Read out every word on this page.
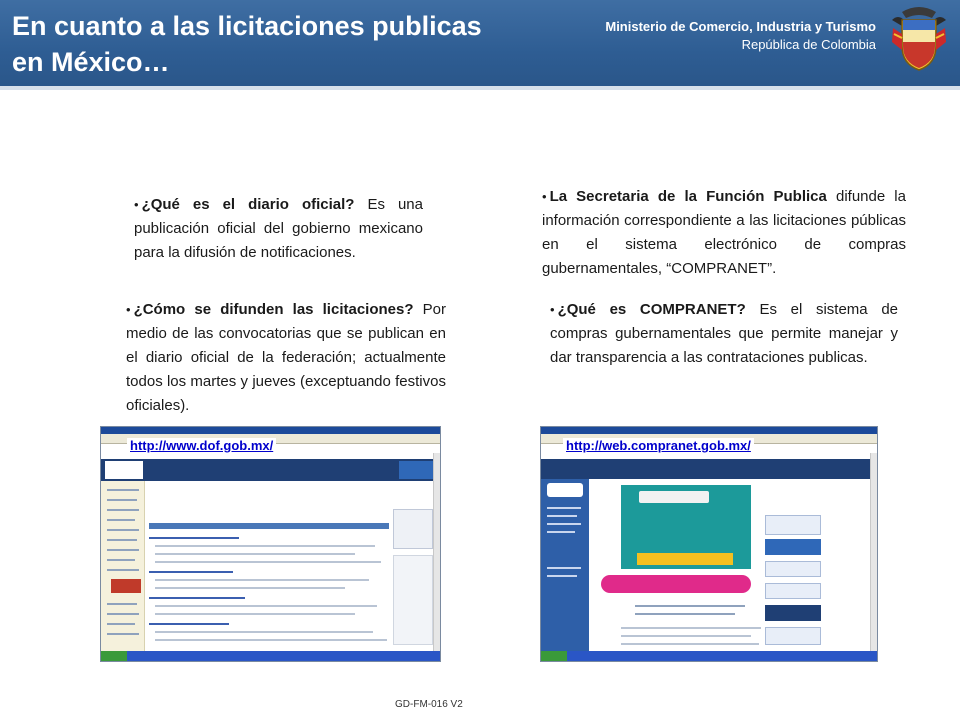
En cuanto a las licitaciones publicas
en México…
Ministerio de Comercio, Industria y Turismo
República de Colombia
• ¿Qué es el diario oficial? Es una publicación oficial del gobierno mexicano para la difusión de notificaciones.
• ¿Cómo se difunden las licitaciones? Por medio de las convocatorias que se publican en el diario oficial de la federación; actualmente todos los martes y jueves (exceptuando festivos oficiales).
• La Secretaria de la Función Publica difunde la información correspondiente a las licitaciones públicas en el sistema electrónico de compras gubernamentales, “COMPRANET”.
• ¿Qué es COMPRANET? Es el sistema de compras gubernamentales que permite manejar y dar transparencia a las contrataciones publicas.
http://www.dof.gob.mx/	http://web.compranet.gob.mx/
GD-FM-016 V2
